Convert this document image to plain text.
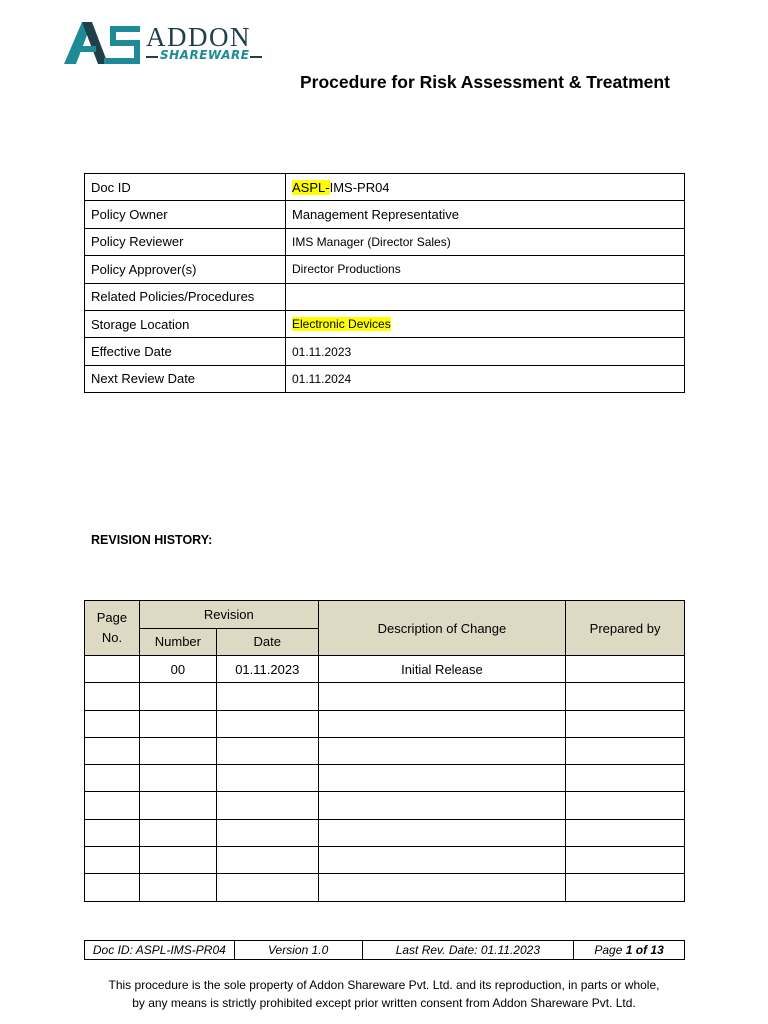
ADDON
SHAREWARE
Procedure for Risk Assessment & Treatment
Doc ID	ASPL-IMS-PR04
Policy Owner	Management Representative
Policy Reviewer	IMS Manager (Director Sales)
Policy Approver(s)	Director Productions
Related Policies/Procedures	
Storage Location	Electronic Devices
Effective Date	01.11.2023
Next Review Date	01.11.2024
REVISION HISTORY:
Page No.	Revision		Description of Change	Prepared by
	Number	Date		
	00	01.11.2023	Initial Release	

Doc ID: ASPL-IMS-PR04	Version 1.0	Last Rev. Date: 01.11.2023	Page 1 of 13
This procedure is the sole property of Addon Shareware Pvt. Ltd. and its reproduction, in parts or whole,
by any means is strictly prohibited except prior written consent from Addon Shareware Pvt. Ltd.
